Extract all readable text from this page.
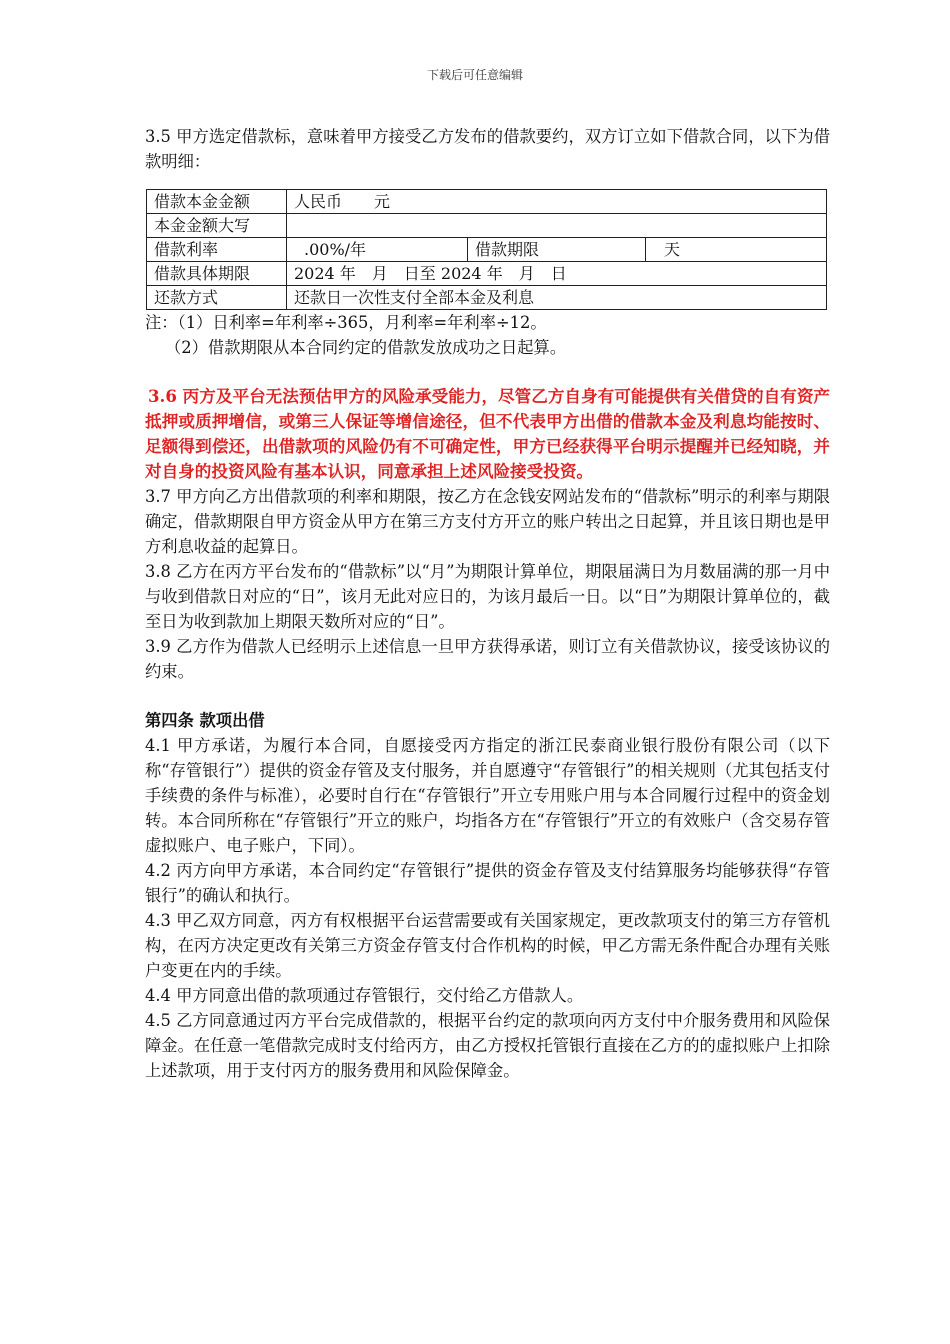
下载后可任意编辑

3.5 甲方选定借款标，意味着甲方接受乙方发布的借款要约，双方订立如下借款合同，以下为借款明细：

借款本金金额	人民币　　元		
本金金额大写			
借款利率	.00%/年	借款期限	天
借款具体期限	2024 年　月　日至 2024 年　月　日		
还款方式	还款日一次性支付全部本金及利息		

注：（1）日利率=年利率÷365，月利率=年利率÷12。

（2）借款期限从本合同约定的借款发放成功之日起算。

3.6 丙方及平台无法预估甲方的风险承受能力，尽管乙方自身有可能提供有关借贷的自有资产抵押或质押增信，或第三人保证等增信途径，但不代表甲方出借的借款本金及利息均能按时、足额得到偿还，出借款项的风险仍有不可确定性，甲方已经获得平台明示提醒并已经知晓，并对自身的投资风险有基本认识，同意承担上述风险接受投资。

3.7 甲方向乙方出借款项的利率和期限，按乙方在念钱安网站发布的“借款标”明示的利率与期限确定，借款期限自甲方资金从甲方在第三方支付方开立的账户转出之日起算，并且该日期也是甲方利息收益的起算日。

3.8 乙方在丙方平台发布的“借款标”以“月”为期限计算单位，期限届满日为月数届满的那一月中与收到借款日对应的“日”，该月无此对应日的，为该月最后一日。以“日”为期限计算单位的，截至日为收到款加上期限天数所对应的“日”。

3.9 乙方作为借款人已经明示上述信息一旦甲方获得承诺，则订立有关借款协议，接受该协议的约束。

第四条 款项出借

4.1 甲方承诺，为履行本合同，自愿接受丙方指定的浙江民泰商业银行股份有限公司（以下称“存管银行”）提供的资金存管及支付服务，并自愿遵守“存管银行”的相关规则（尤其包括支付手续费的条件与标准），必要时自行在“存管银行”开立专用账户用与本合同履行过程中的资金划转。本合同所称在“存管银行”开立的账户，均指各方在“存管银行”开立的有效账户（含交易存管虚拟账户、电子账户，下同）。

4.2 丙方向甲方承诺，本合同约定“存管银行”提供的资金存管及支付结算服务均能够获得“存管银行”的确认和执行。

4.3 甲乙双方同意，丙方有权根据平台运营需要或有关国家规定，更改款项支付的第三方存管机构，在丙方决定更改有关第三方资金存管支付合作机构的时候，甲乙方需无条件配合办理有关账户变更在内的手续。

4.4 甲方同意出借的款项通过存管银行，交付给乙方借款人。

4.5 乙方同意通过丙方平台完成借款的，根据平台约定的款项向丙方支付中介服务费用和风险保障金。在任意一笔借款完成时支付给丙方，由乙方授权托管银行直接在乙方的的虚拟账户上扣除上述款项，用于支付丙方的服务费用和风险保障金。
